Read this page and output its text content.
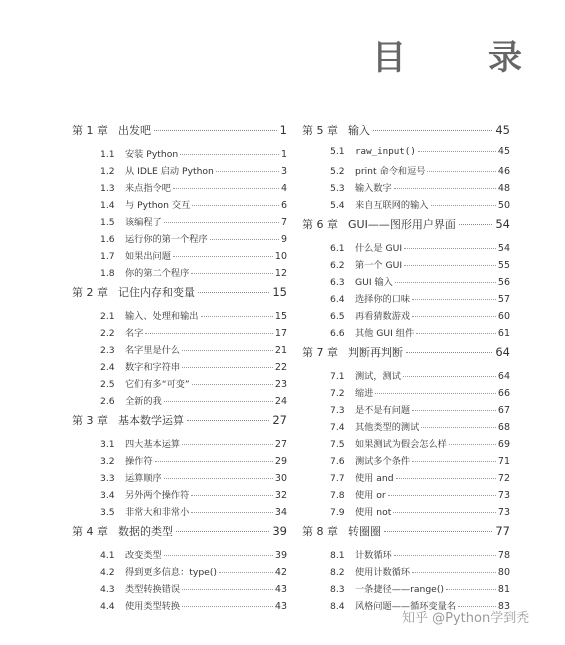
目 录
第 1 章 出发吧	1
1.1	安装 Python	1
1.2	从 IDLE 启动 Python	3
1.3	来点指令吧	4
1.4	与 Python 交互	6
1.5	该编程了	7
1.6	运行你的第一个程序	9
1.7	如果出问题	10
1.8	你的第二个程序	12
第 2 章 记住内存和变量	15
2.1	输入、处理和输出	15
2.2	名字	17
2.3	名字里是什么	21
2.4	数字和字符串	22
2.5	它们有多“可变”	23
2.6	全新的我	24
第 3 章 基本数学运算	27
3.1	四大基本运算	27
3.2	操作符	29
3.3	运算顺序	30
3.4	另外两个操作符	32
3.5	非常大和非常小	34
第 4 章 数据的类型	39
4.1	改变类型	39
4.2	得到更多信息：type()	42
4.3	类型转换错误	43
4.4	使用类型转换	43
第 5 章 输入	45
5.1	raw_input()	45
5.2	print 命令和逗号	46
5.3	输入数字	48
5.4	来自互联网的输入	50
第 6 章 GUI——图形用户界面	54
6.1	什么是 GUI	54
6.2	第一个 GUI	55
6.3	GUI 输入	56
6.4	选择你的口味	57
6.5	再看猜数游戏	60
6.6	其他 GUI 组件	61
第 7 章 判断再判断	64
7.1	测试，测试	64
7.2	缩进	66
7.3	是不是有问题	67
7.4	其他类型的测试	68
7.5	如果测试为假会怎么样	69
7.6	测试多个条件	71
7.7	使用 and	72
7.8	使用 or	73
7.9	使用 not	73
第 8 章 转圈圈	77
8.1	计数循环	78
8.2	使用计数循环	80
8.3	一条捷径——range()	81
8.4	风格问题——循环变量名	83
知乎 @Python学到秃
